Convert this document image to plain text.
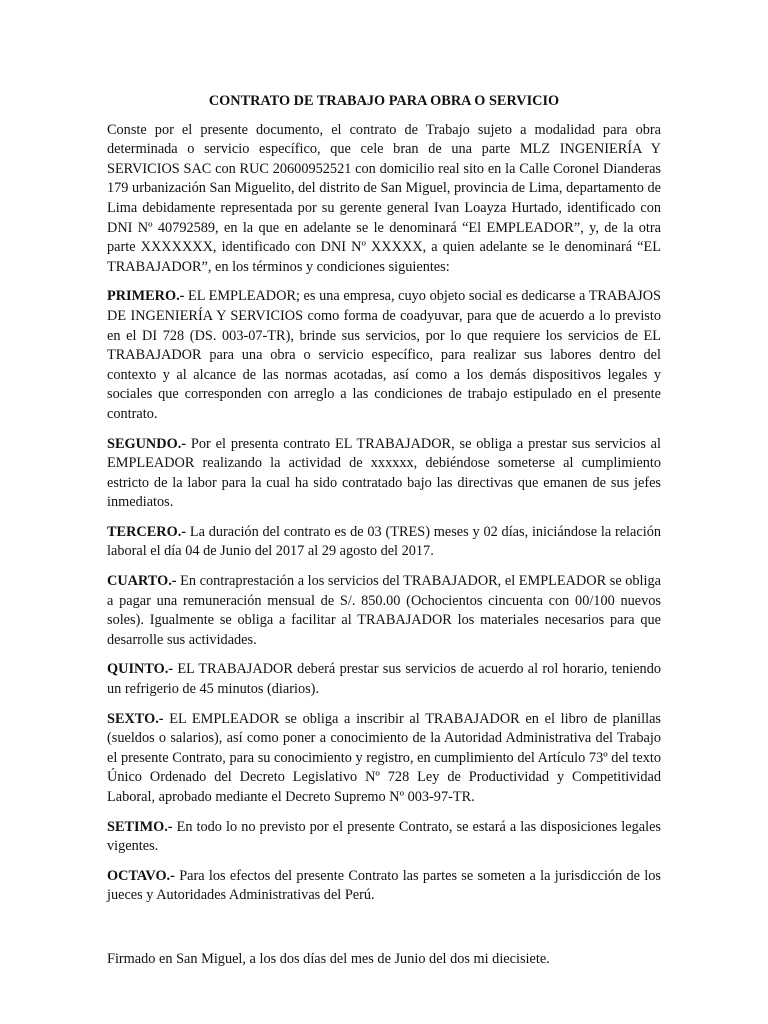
CONTRATO DE TRABAJO PARA OBRA O SERVICIO

Conste por el presente documento, el contrato de Trabajo sujeto a modalidad para obra determinada o servicio específico, que cele bran de una parte MLZ INGENIERÍA Y SERVICIOS SAC con RUC 20600952521 con domicilio real sito en la Calle Coronel Dianderas 179 urbanización San Miguelito, del distrito de San Miguel, provincia de Lima, departamento de Lima debidamente representada por su gerente general Ivan Loayza Hurtado, identificado con DNI Nº 40792589, en la que en adelante se le denominará “El EMPLEADOR”, y, de la otra parte XXXXXXX, identificado con DNI Nº XXXXX, a quien adelante se le denominará “EL TRABAJADOR”, en los términos y condiciones siguientes:

PRIMERO.- EL EMPLEADOR; es una empresa, cuyo objeto social es dedicarse a TRABAJOS DE INGENIERÍA Y SERVICIOS como forma de coadyuvar, para que de acuerdo a lo previsto en el DI 728 (DS. 003-07-TR), brinde sus servicios, por lo que requiere los servicios de EL TRABAJADOR para una obra o servicio específico, para realizar sus labores dentro del contexto y al alcance de las normas acotadas, así como a los demás dispositivos legales y sociales que corresponden con arreglo a las condiciones de trabajo estipulado en el presente contrato.

SEGUNDO.- Por el presenta contrato EL TRABAJADOR, se obliga a prestar sus servicios al EMPLEADOR realizando la actividad de xxxxxx, debiéndose someterse al cumplimiento estricto de la labor para la cual ha sido contratado bajo las directivas que emanen de sus jefes inmediatos.

TERCERO.- La duración del contrato es de 03 (TRES) meses y 02 días, iniciándose la relación laboral el día 04 de Junio del 2017 al 29 agosto del 2017.

CUARTO.- En contraprestación a los servicios del TRABAJADOR, el EMPLEADOR se obliga a pagar una remuneración mensual de S/. 850.00 (Ochocientos cincuenta con 00/100 nuevos soles). Igualmente se obliga a facilitar al TRABAJADOR los materiales necesarios para que desarrolle sus actividades.

QUINTO.- EL TRABAJADOR deberá prestar sus servicios de acuerdo al rol horario, teniendo un refrigerio de 45 minutos (diarios).

SEXTO.- EL EMPLEADOR se obliga a inscribir al TRABAJADOR en el libro de planillas (sueldos o salarios), así como poner a conocimiento de la Autoridad Administrativa del Trabajo el presente Contrato, para su conocimiento y registro, en cumplimiento del Artículo 73º del texto Único Ordenado del Decreto Legislativo Nº 728 Ley de Productividad y Competitividad Laboral, aprobado mediante el Decreto Supremo Nº 003-97-TR.

SETIMO.- En todo lo no previsto por el presente Contrato, se estará a las disposiciones legales vigentes.

OCTAVO.- Para los efectos del presente Contrato las partes se someten a la jurisdicción de los jueces y Autoridades Administrativas del Perú.

Firmado en San Miguel, a los dos días del mes de Junio del dos mi diecisiete.
